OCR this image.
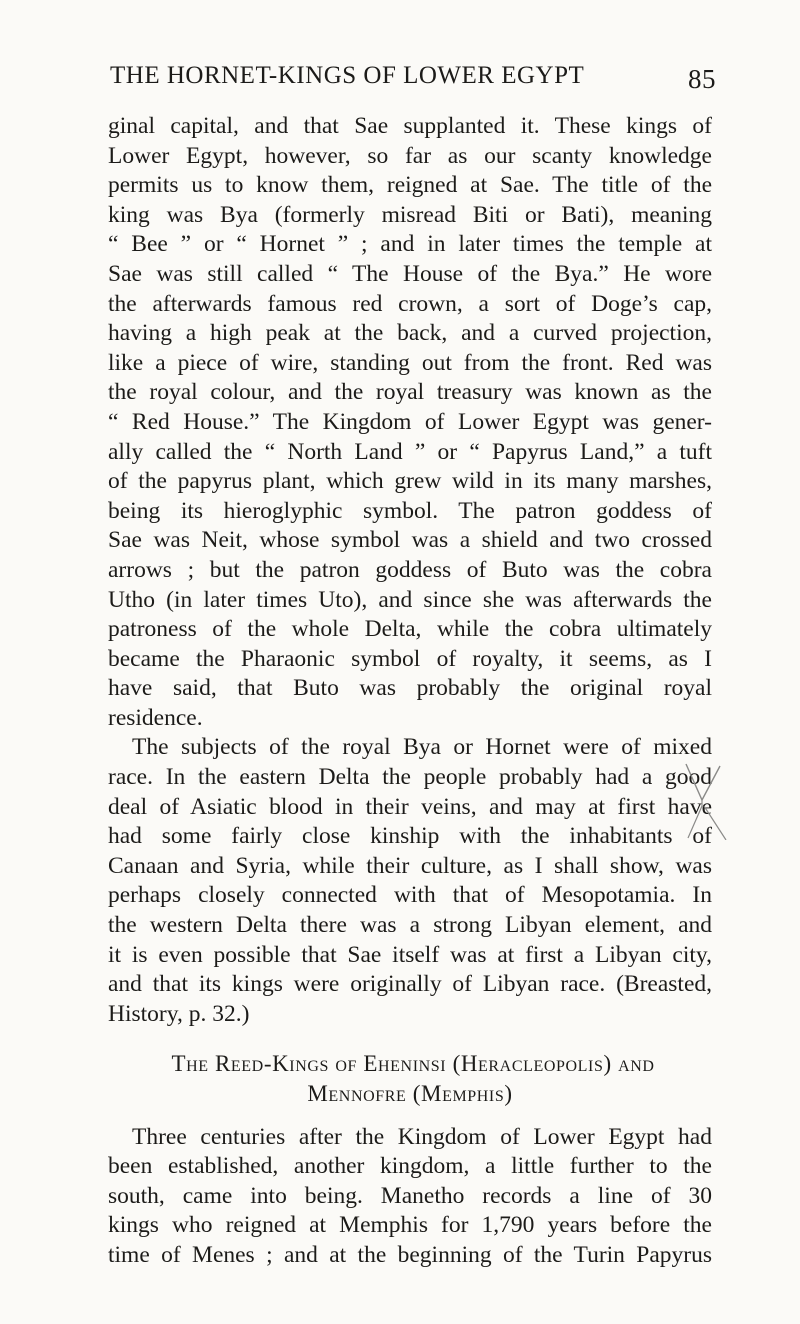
THE HORNET-KINGS OF LOWER EGYPT	85
ginal capital, and that Sae supplanted it. These kings of
Lower Egypt, however, so far as our scanty knowledge
permits us to know them, reigned at Sae. The title of the
king was Bya (formerly misread Biti or Bati), meaning
“ Bee ” or “ Hornet ” ; and in later times the temple at
Sae was still called “ The House of the Bya.” He wore
the afterwards famous red crown, a sort of Doge’s cap,
having a high peak at the back, and a curved projection,
like a piece of wire, standing out from the front. Red was
the royal colour, and the royal treasury was known as the
“ Red House.” The Kingdom of Lower Egypt was gener-
ally called the “ North Land ” or “ Papyrus Land,” a tuft
of the papyrus plant, which grew wild in its many marshes,
being its hieroglyphic symbol. The patron goddess of
Sae was Neit, whose symbol was a shield and two crossed
arrows ; but the patron goddess of Buto was the cobra
Utho (in later times Uto), and since she was afterwards the
patroness of the whole Delta, while the cobra ultimately
became the Pharaonic symbol of royalty, it seems, as I
have said, that Buto was probably the original royal
residence.
The subjects of the royal Bya or Hornet were of mixed
race. In the eastern Delta the people probably had a good
deal of Asiatic blood in their veins, and may at first have
had some fairly close kinship with the inhabitants of
Canaan and Syria, while their culture, as I shall show, was
perhaps closely connected with that of Mesopotamia. In
the western Delta there was a strong Libyan element, and
it is even possible that Sae itself was at first a Libyan city,
and that its kings were originally of Libyan race. (Breasted,
History, p. 32.)
The Reed-Kings of Eheninsi (Heracleopolis) and
Mennofre (Memphis)
Three centuries after the Kingdom of Lower Egypt had
been established, another kingdom, a little further to the
south, came into being. Manetho records a line of 30
kings who reigned at Memphis for 1,790 years before the
time of Menes ; and at the beginning of the Turin Papyrus
